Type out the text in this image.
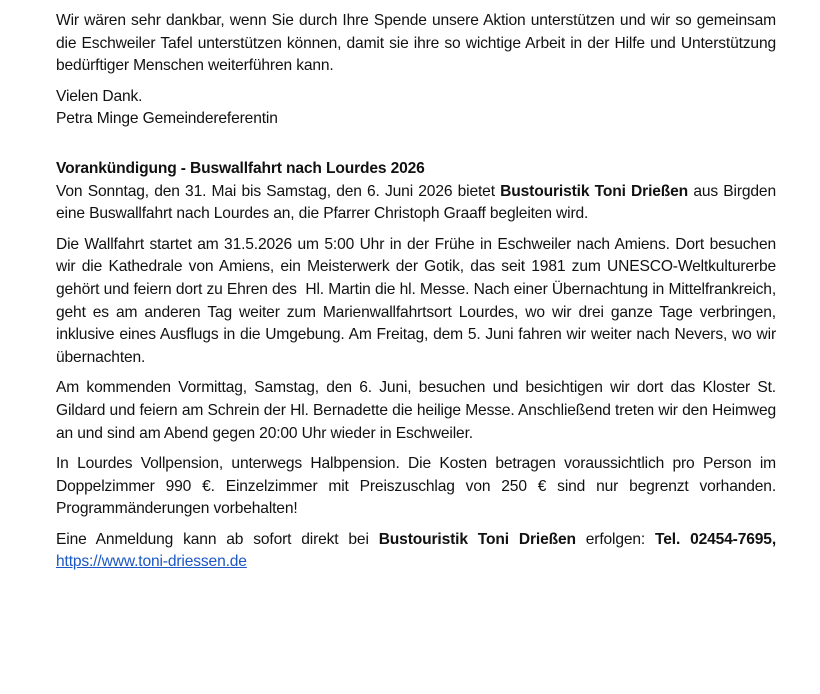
Wir wären sehr dankbar, wenn Sie durch Ihre Spende unsere Aktion unterstützen und wir so gemeinsam die Eschweiler Tafel unterstützen können, damit sie ihre so wichtige Arbeit in der Hilfe und Unterstützung bedürftiger Menschen weiterführen kann.

Vielen Dank.

Petra Minge Gemeindereferentin

Vorankündigung - Buswallfahrt nach Lourdes 2026

Von Sonntag, den 31. Mai bis Samstag, den 6. Juni 2026 bietet Bustouristik Toni Drießen aus Birgden eine Buswallfahrt nach Lourdes an, die Pfarrer Christoph Graaff begleiten wird.

Die Wallfahrt startet am 31.5.2026 um 5:00 Uhr in der Frühe in Eschweiler nach Amiens. Dort besuchen wir die Kathedrale von Amiens, ein Meisterwerk der Gotik, das seit 1981 zum UNESCO-Weltkulturerbe gehört und feiern dort zu Ehren des  Hl. Martin die hl. Messe. Nach einer Übernachtung in Mittelfrankreich, geht es am anderen Tag weiter zum Marienwallfahrtsort Lourdes, wo wir drei ganze Tage verbringen, inklusive eines Ausflugs in die Umgebung. Am Freitag, dem 5. Juni fahren wir weiter nach Nevers, wo wir übernachten.

Am kommenden Vormittag, Samstag, den 6. Juni, besuchen und besichtigen wir dort das Kloster St. Gildard und feiern am Schrein der Hl. Bernadette die heilige Messe. Anschließend treten wir den Heimweg an und sind am Abend gegen 20:00 Uhr wieder in Eschweiler.

In Lourdes Vollpension, unterwegs Halbpension. Die Kosten betragen voraussichtlich pro Person im Doppelzimmer 990 €. Einzelzimmer mit Preiszuschlag von 250 € sind nur begrenzt vorhanden. Programmänderungen vorbehalten!

Eine Anmeldung kann ab sofort direkt bei Bustouristik Toni Drießen erfolgen: Tel. 02454-7695, https://www.toni-driessen.de
